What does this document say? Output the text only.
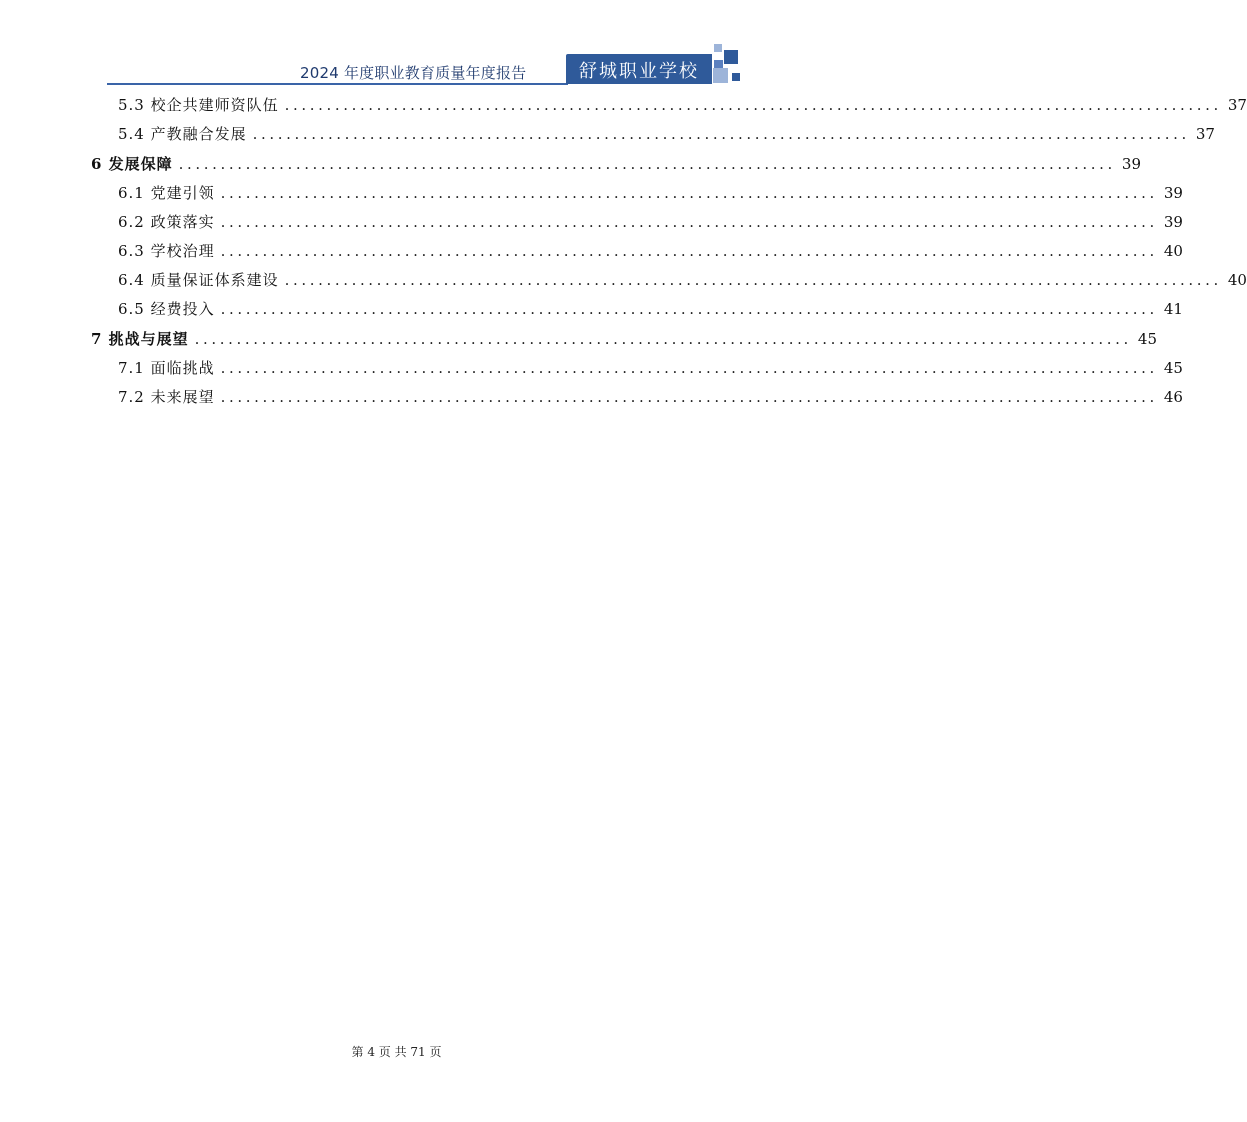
2024 年度职业教育质量年度报告	舒城职业学校
5.3 校企共建师资队伍 ................................................................................................................ 37
5.4 产教融合发展 ................................................................................................................ 37
6 发展保障 ................................................................................................................ 39
6.1 党建引领 ................................................................................................................ 39
6.2 政策落实 ................................................................................................................ 39
6.3 学校治理 ................................................................................................................ 40
6.4 质量保证体系建设 ................................................................................................................ 40
6.5 经费投入 ................................................................................................................ 41
7 挑战与展望 ................................................................................................................ 45
7.1 面临挑战 ................................................................................................................ 45
7.2 未来展望 ................................................................................................................ 46
第 4 页 共 71 页
